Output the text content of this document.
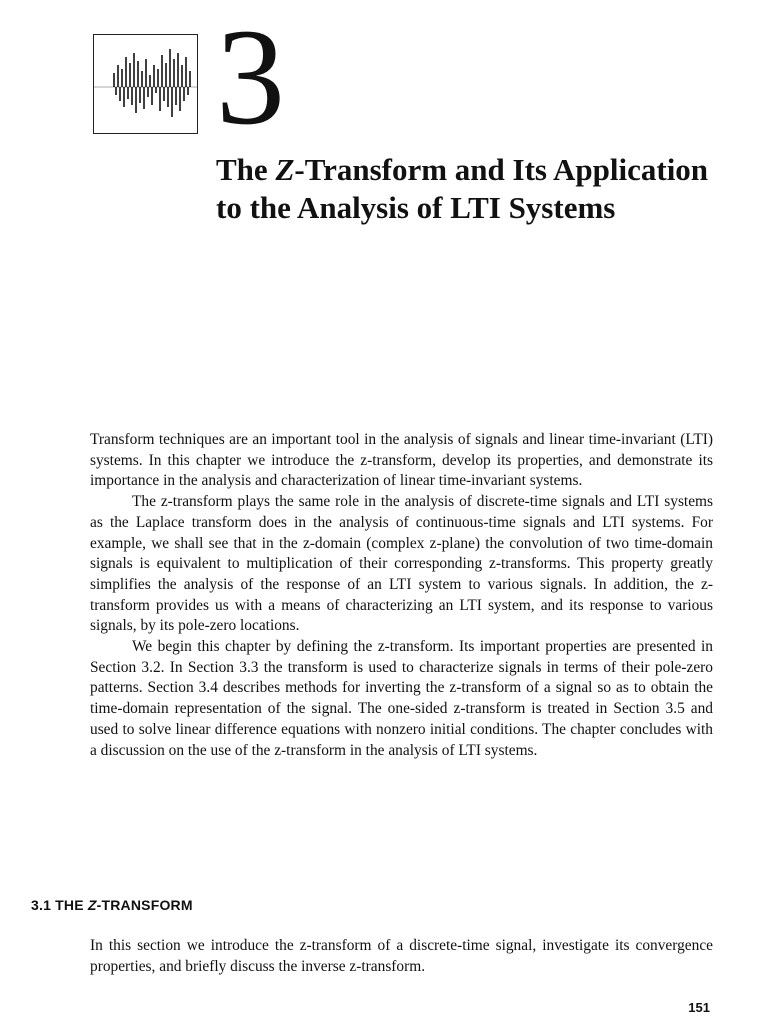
3
The Z-Transform and Its Application to the Analysis of LTI Systems

Transform techniques are an important tool in the analysis of signals and linear time-invariant (LTI) systems. In this chapter we introduce the z-transform, develop its properties, and demonstrate its importance in the analysis and characterization of linear time-invariant systems.

The z-transform plays the same role in the analysis of discrete-time signals and LTI systems as the Laplace transform does in the analysis of continuous-time signals and LTI systems. For example, we shall see that in the z-domain (complex z-plane) the convolution of two time-domain signals is equivalent to multiplication of their corresponding z-transforms. This property greatly simplifies the analysis of the response of an LTI system to various signals. In addition, the z-transform provides us with a means of characterizing an LTI system, and its response to various signals, by its pole-zero locations.

We begin this chapter by defining the z-transform. Its important properties are presented in Section 3.2. In Section 3.3 the transform is used to characterize signals in terms of their pole-zero patterns. Section 3.4 describes methods for inverting the z-transform of a signal so as to obtain the time-domain representation of the signal. The one-sided z-transform is treated in Section 3.5 and used to solve linear difference equations with nonzero initial conditions. The chapter concludes with a discussion on the use of the z-transform in the analysis of LTI systems.

3.1 THE Z-TRANSFORM

In this section we introduce the z-transform of a discrete-time signal, investigate its convergence properties, and briefly discuss the inverse z-transform.

151
